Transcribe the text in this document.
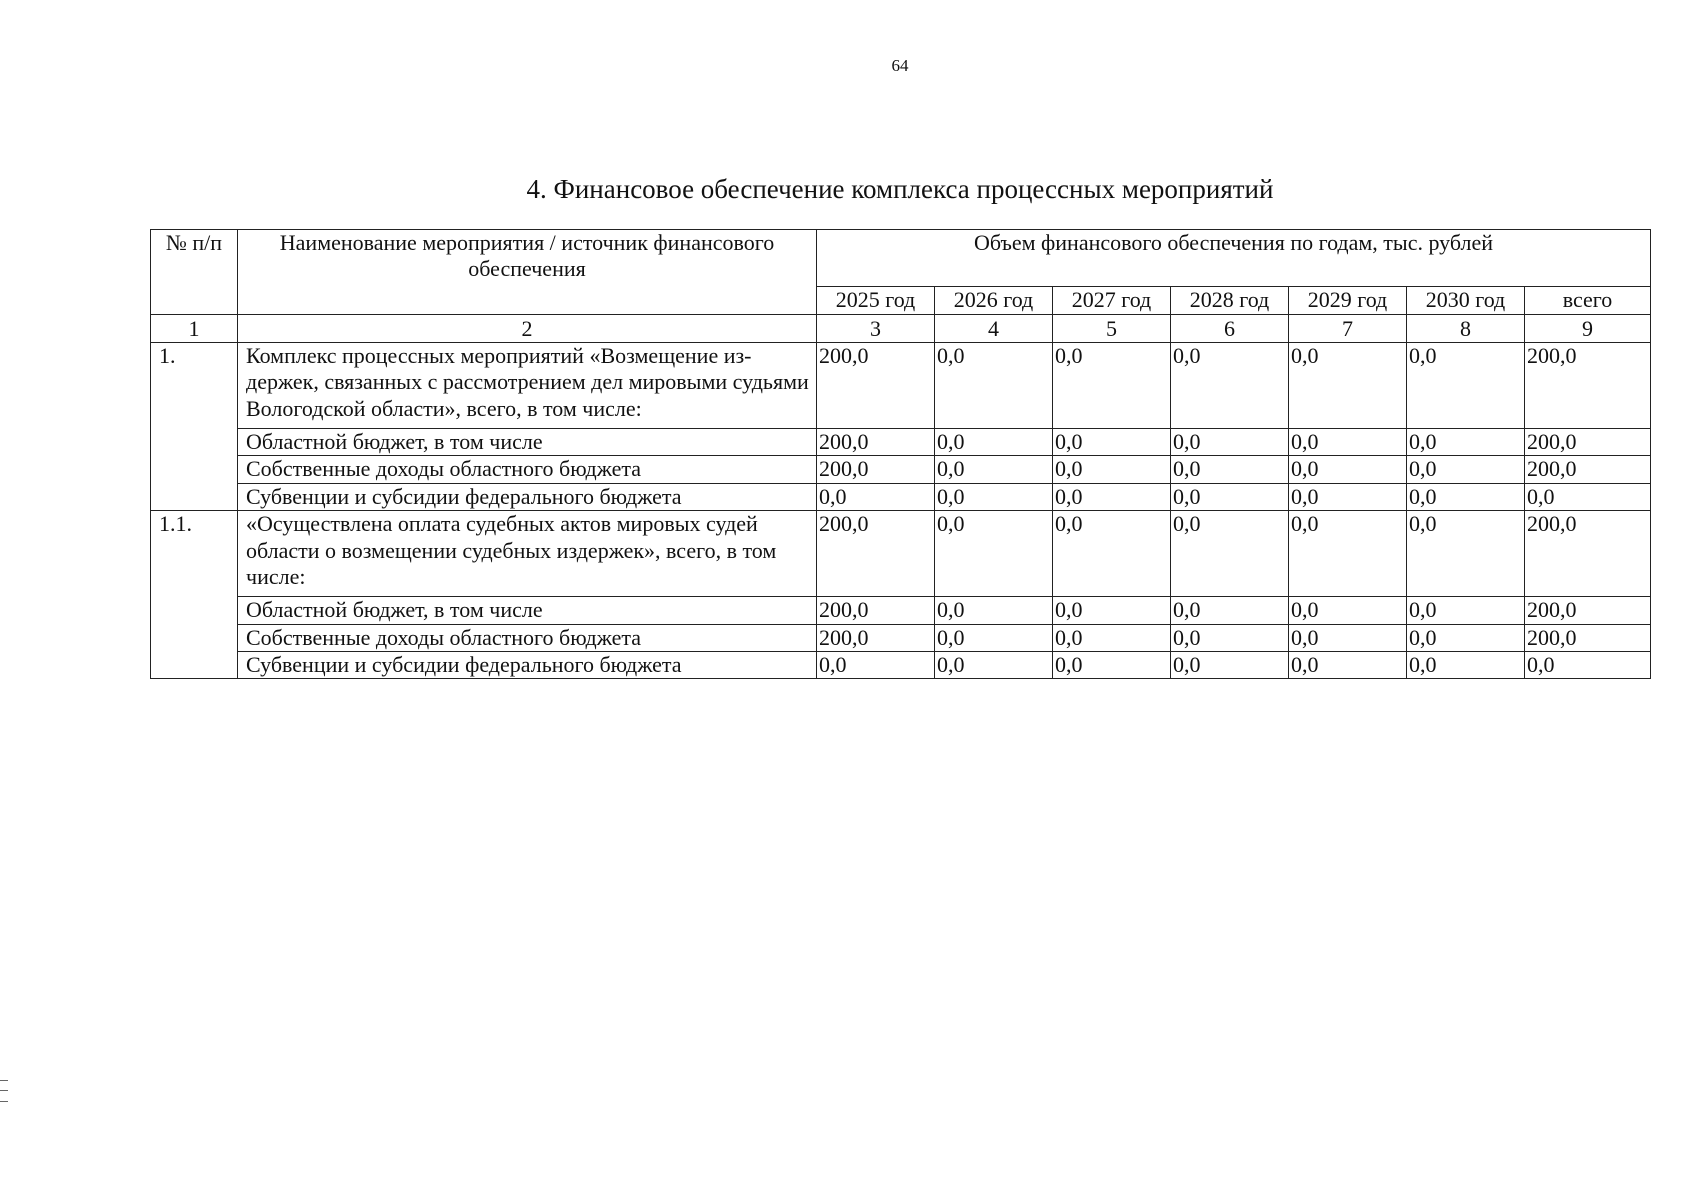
64
4. Финансовое обеспечение комплекса процессных мероприятий
№ п/п	Наименование мероприятия / источник финансового обеспечения	Объем финансового обеспечения по годам, тыс. рублей						
		2025 год	2026 год	2027 год	2028 год	2029 год	2030 год	всего
1	2	3	4	5	6	7	8	9
1.	Комплекс процессных мероприятий «Возмещение из-держек, связанных с рассмотрением дел мировыми судьями Вологодской области», всего, в том числе:	200,0	0,0	0,0	0,0	0,0	0,0	200,0
	Областной бюджет, в том числе	200,0	0,0	0,0	0,0	0,0	0,0	200,0
	Собственные доходы областного бюджета	200,0	0,0	0,0	0,0	0,0	0,0	200,0
	Субвенции и субсидии федерального бюджета	0,0	0,0	0,0	0,0	0,0	0,0	0,0
1.1.	«Осуществлена оплата судебных актов мировых судей области о возмещении судебных издержек», всего, в том числе:	200,0	0,0	0,0	0,0	0,0	0,0	200,0
	Областной бюджет, в том числе	200,0	0,0	0,0	0,0	0,0	0,0	200,0
	Собственные доходы областного бюджета	200,0	0,0	0,0	0,0	0,0	0,0	200,0
	Субвенции и субсидии федерального бюджета	0,0	0,0	0,0	0,0	0,0	0,0	0,0
